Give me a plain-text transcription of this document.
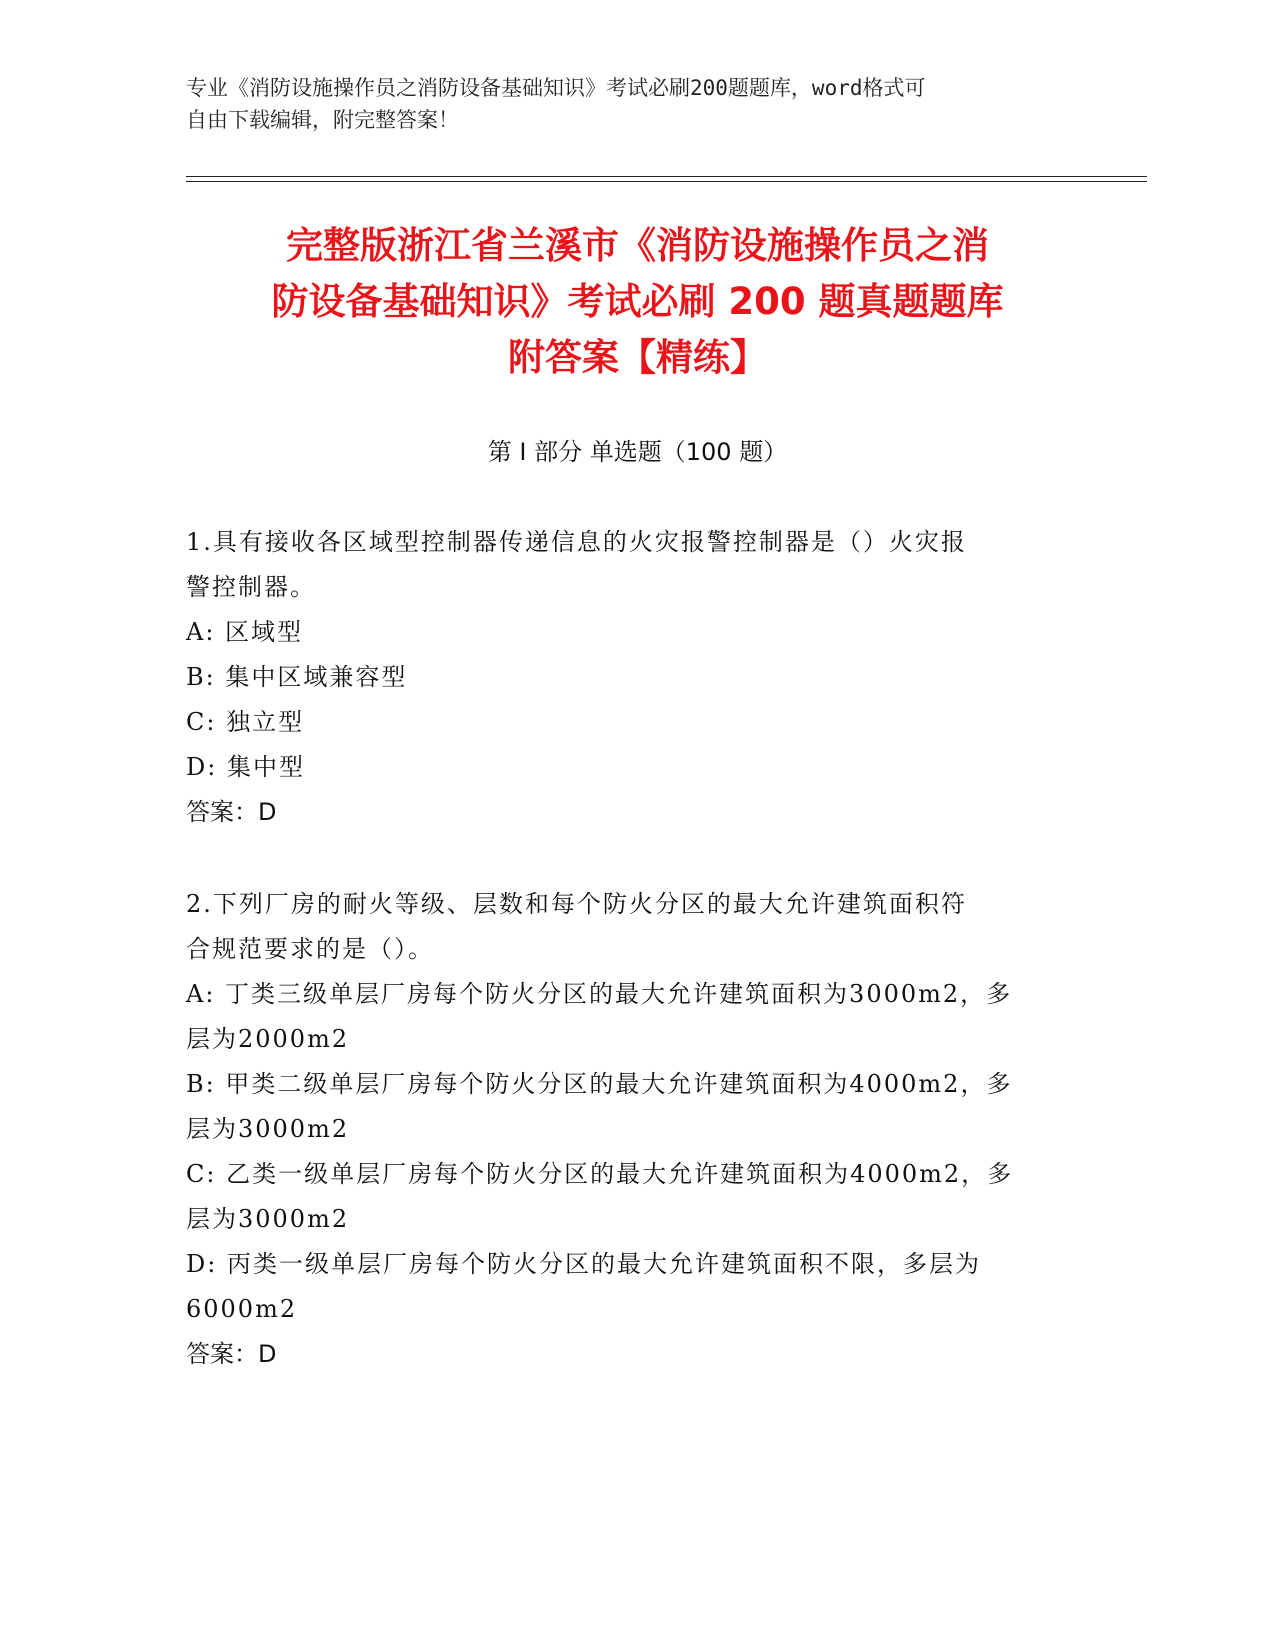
专业《消防设施操作员之消防设备基础知识》考试必刷200题题库，word格式可
自由下载编辑，附完整答案！
完整版浙江省兰溪市《消防设施操作员之消
防设备基础知识》考试必刷 200 题真题题库
附答案【精练】
第 I 部分 单选题（100 题）
1.具有接收各区域型控制器传递信息的火灾报警控制器是（）火灾报
警控制器。
A: 区域型
B: 集中区域兼容型
C: 独立型
D: 集中型
答案：D
2.下列厂房的耐火等级、层数和每个防火分区的最大允许建筑面积符
合规范要求的是（）。
A: 丁类三级单层厂房每个防火分区的最大允许建筑面积为3000m2，多
层为2000m2
B: 甲类二级单层厂房每个防火分区的最大允许建筑面积为4000m2，多
层为3000m2
C: 乙类一级单层厂房每个防火分区的最大允许建筑面积为4000m2，多
层为3000m2
D: 丙类一级单层厂房每个防火分区的最大允许建筑面积不限，多层为
6000m2
答案：D
